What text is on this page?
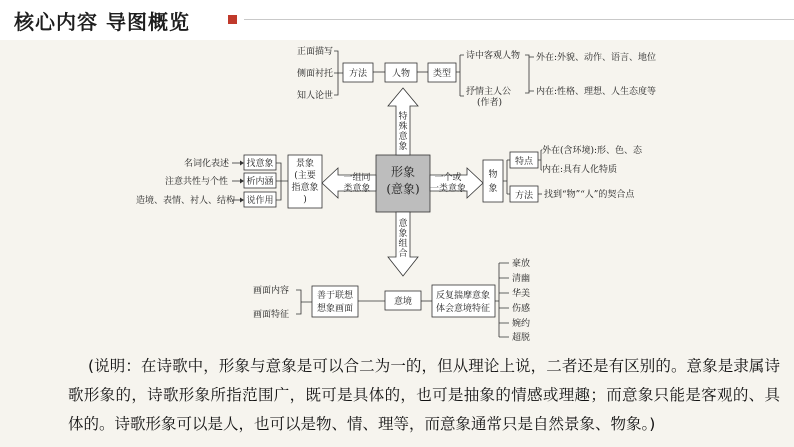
核心内容 导图概览
形象
(意象)
特
殊
意
象
意
象
组
合
一组同
类意象
一个或
一类意象
正面描写
侧面衬托
知人论世
方法	人物	类型
诗中客观人物
抒情主人公
(作者)
外在:外貌、动作、语言、地位
内在:性格、理想、人生态度等
名词化表述
注意共性与个性
造境、表情、衬人、结构
找意象
析内涵
说作用
景象
(主要
指意象
)
物
象
特点
外在(含环境):形、色、态
内在:具有人化特质
方法 找到“物”“人”的契合点
画面内容
画面特征
善于联想
想象画面
意境
反复揣摩意象
体会意境特征
豪放
清幽
华美
伤感
婉约
超脱
(说明：在诗歌中，形象与意象是可以合二为一的，但从理论上说，二者还是有区别的。意象是隶属诗歌形象的，诗歌形象所指范围广，既可是具体的，也可是抽象的情感或理趣；而意象只能是客观的、具体的。诗歌形象可以是人，也可以是物、情、理等，而意象通常只是自然景象、物象。)
